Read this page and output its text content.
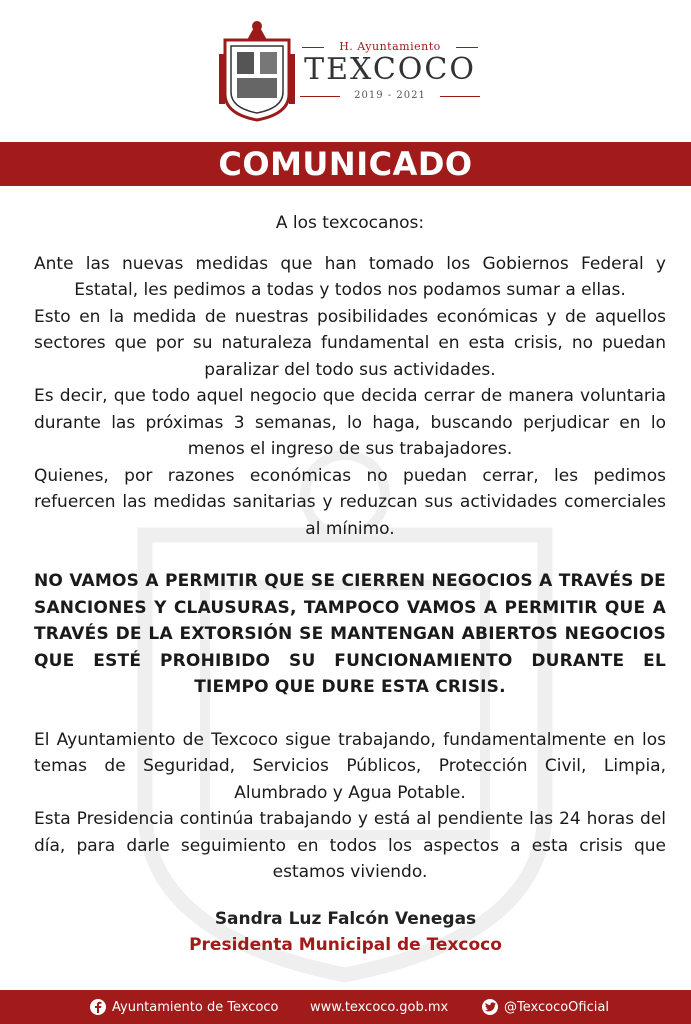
H. Ayuntamiento
TEXCOCO
2019 - 2021
COMUNICADO

A los texcocanos:

Ante las nuevas medidas que han tomado los Gobiernos Federal y Estatal, les pedimos a todas y todos nos podamos sumar a ellas.

Esto en la medida de nuestras posibilidades económicas y de aquellos sectores que por su naturaleza fundamental en esta crisis, no puedan paralizar del todo sus actividades.

Es decir, que todo aquel negocio que decida cerrar de manera voluntaria durante las próximas 3 semanas, lo haga, buscando perjudicar en lo menos el ingreso de sus trabajadores.

Quienes, por razones económicas no puedan cerrar, les pedimos refuercen las medidas sanitarias y reduzcan sus actividades comerciales al mínimo.

NO VAMOS A PERMITIR QUE SE CIERREN NEGOCIOS A TRAVÉS DE SANCIONES Y CLAUSURAS, TAMPOCO VAMOS A PERMITIR QUE A TRAVÉS DE LA EXTORSIÓN SE MANTENGAN ABIERTOS NEGOCIOS QUE ESTÉ PROHIBIDO SU FUNCIONAMIENTO DURANTE EL TIEMPO QUE DURE ESTA CRISIS.

El Ayuntamiento de Texcoco sigue trabajando, fundamentalmente en los temas de Seguridad, Servicios Públicos, Protección Civil, Limpia, Alumbrado y Agua Potable.

Esta Presidencia continúa trabajando y está al pendiente las 24 horas del día, para darle seguimiento en todos los aspectos a esta crisis que estamos viviendo.

Sandra Luz Falcón Venegas
Presidenta Municipal de Texcoco
Ayuntamiento de Texcoco www.texcoco.gob.mx	@TexcocoOficial
